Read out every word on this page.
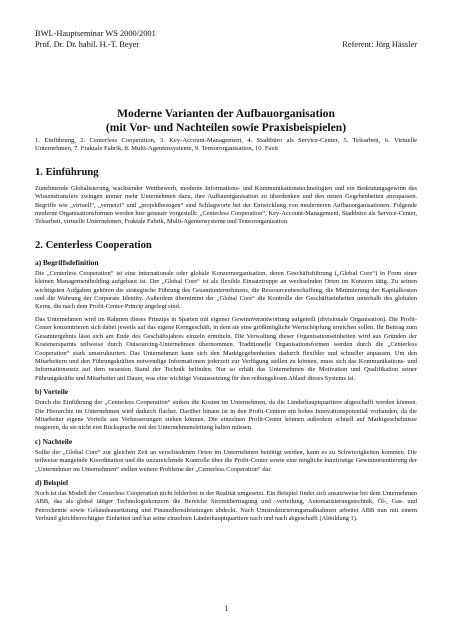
BWL-Hauptseminar WS 2000/2001
Prof. Dr. Dr. habil. H.-T. Beyer	Referent: Jörg Hässler
Moderne Varianten der Aufbauorganisation
(mit Vor- und Nachteilen sowie Praxisbeispielen)
1. Einführung, 2. Centerless Cooperation, 3. Key-Account-Management, 4. Stadtbüro als Service-Center, 5. Telearbeit, 6. Virtuelle Unternehmen, 7. Fraktale Fabrik, 8. Multi-Agentensysteme, 9. Tensororganisation, 10. Fazit
1. Einführung

Zunehmende Globalisierung, wachsender Wettbewerb, moderne Informations- und Kommunikationstechnologien und ein Bedeutungsgewinn des Wissenstransfers zwingen immer mehr Unternehmen dazu, ihre Aufbauorganisation zu überdenken und den neuen Gegebenheiten anzupassen. Begriffe wie „virtuell“, „vernetzt“ und „projektbezogen“ sind Schlagworte bei der Entwicklung von moderneren Aufbauorganisationen. Folgende moderne Organisationsformen werden hier genauer vorgestellt: „Centerless Cooperation“, Key-Account-Management, Stadtbüro als Service-Center, Telearbeit, virtuelle Unternehmen, Fraktale Fabrik, Multi-Agentensysteme und Tensororganisation.

2. Centerless Cooperation
a) Begriffsdefinition

Die „Centerless Cooperation“ ist eine internationale oder globale Konzernorganisation, deren Geschäftsführung („Global Core“) in Form einer kleinen Managementholding aufgebaut ist. Der „Global Core“ ist als flexible Einsatztruppe an wechselnden Orten im Konzern tätig. Zu seinen wichtigsten Aufgaben gehören die strategische Führung des Gesamtunternehmens, die Ressourcenbeschaffung, die Minimierung der Kapitalkosten und die Wahrung der Corporate Identity. Außerdem übernimmt der „Global Core“ die Kontrolle der Geschäftseinheiten unterhalb des globalen Kerns, die nach dem Profit-Center-Prinzip angelegt sind.

Das Unternehmen wird im Rahmen dieses Prinzips in Sparten mit eigener Gewinnverantwortung aufgeteilt (divisionale Organisation). Die Profit-Center konzentrieren sich dabei jeweils auf das eigene Kerngeschäft, in dem sie eine größtmögliche Wertschöpfung erreichen sollen. Ihr Beitrag zum Gesamtergebnis lässt sich am Ende des Geschäftsjahres einzeln ermitteln. Die Verwaltung dieser Organisationseinheiten wird aus Gründen der Kostenersparnis teilweise durch Outsourcing-Unternehmen übernommen. Traditionelle Organisationsformen werden durch die „Centerless Cooperation“ stark umstrukturiert. Das Unternehmen kann sich den Marktgegebenheiten dadurch flexibler und schneller anpassen. Um den Mitarbeitern und den Führungskräften notwendige Informationen jederzeit zur Verfügung stellen zu können, muss sich das Kommunikations- und Informationsnetz auf dem neuesten Stand der Technik befinden. Nur so erhält das Unternehmen die Motivation und Qualifikation seiner Führungskräfte und Mitarbeiter auf Dauer, was eine wichtige Voraussetzung für den reibungslosen Ablauf dieses Systems ist.

b) Vorteile

Durch die Einführung der „Centerless Cooperation“ sinken die Kosten im Unternehmen, da die Länderhauptquartiere abgeschafft werden können. Die Hierarchie im Unternehmen wird dadurch flacher. Darüber hinaus ist in den Profit-Centern ein hohes Innovationspotential vorhanden, da die Mitarbeiter eigene Vorteile aus Verbesserungen ziehen können. Die einzelnen Profit-Center können außerdem schnell auf Marktgeschehnisse reagieren, da sie nicht erst Rücksprache mit der Unternehmensleitung halten müssen.

c) Nachteile

Sollte der „Global Core“ zur gleichen Zeit an verschiedenen Orten im Unternehmen benötigt werden, kann es zu Schwierigkeiten kommen. Die teilweise mangelnde Koordination und die unzureichende Kontrolle über die Profit-Center sowie eine mögliche kurzfristige Gewinnorientierung der „Unternehmer im Unternehmen“ stellen weitere Probleme der „Centerless Cooperation“ dar.

d) Beispiel

Noch ist das Modell der Centerless Cooperation nicht fehlerfrei in der Realität umgesetzt. Ein Beispiel findet sich ansatzweise bei dem Unternehmen ABB, das als global tätiger Technologiekonzern die Bereiche Stromübertragung und -verteilung, Automatisierungstechnik, Öl-, Gas- und Petrochemie sowie Gebäudeausrüstung und Finanzdienstleistungen abdeckt. Nach Umstrukturierungsmaßnahmen arbeitet ABB nun mit einem Verbund gleichberechtigter Einheiten und hat seine einzelnen Länderhauptquartiere nach und nach abgeschafft (Abbildung 1).

1
